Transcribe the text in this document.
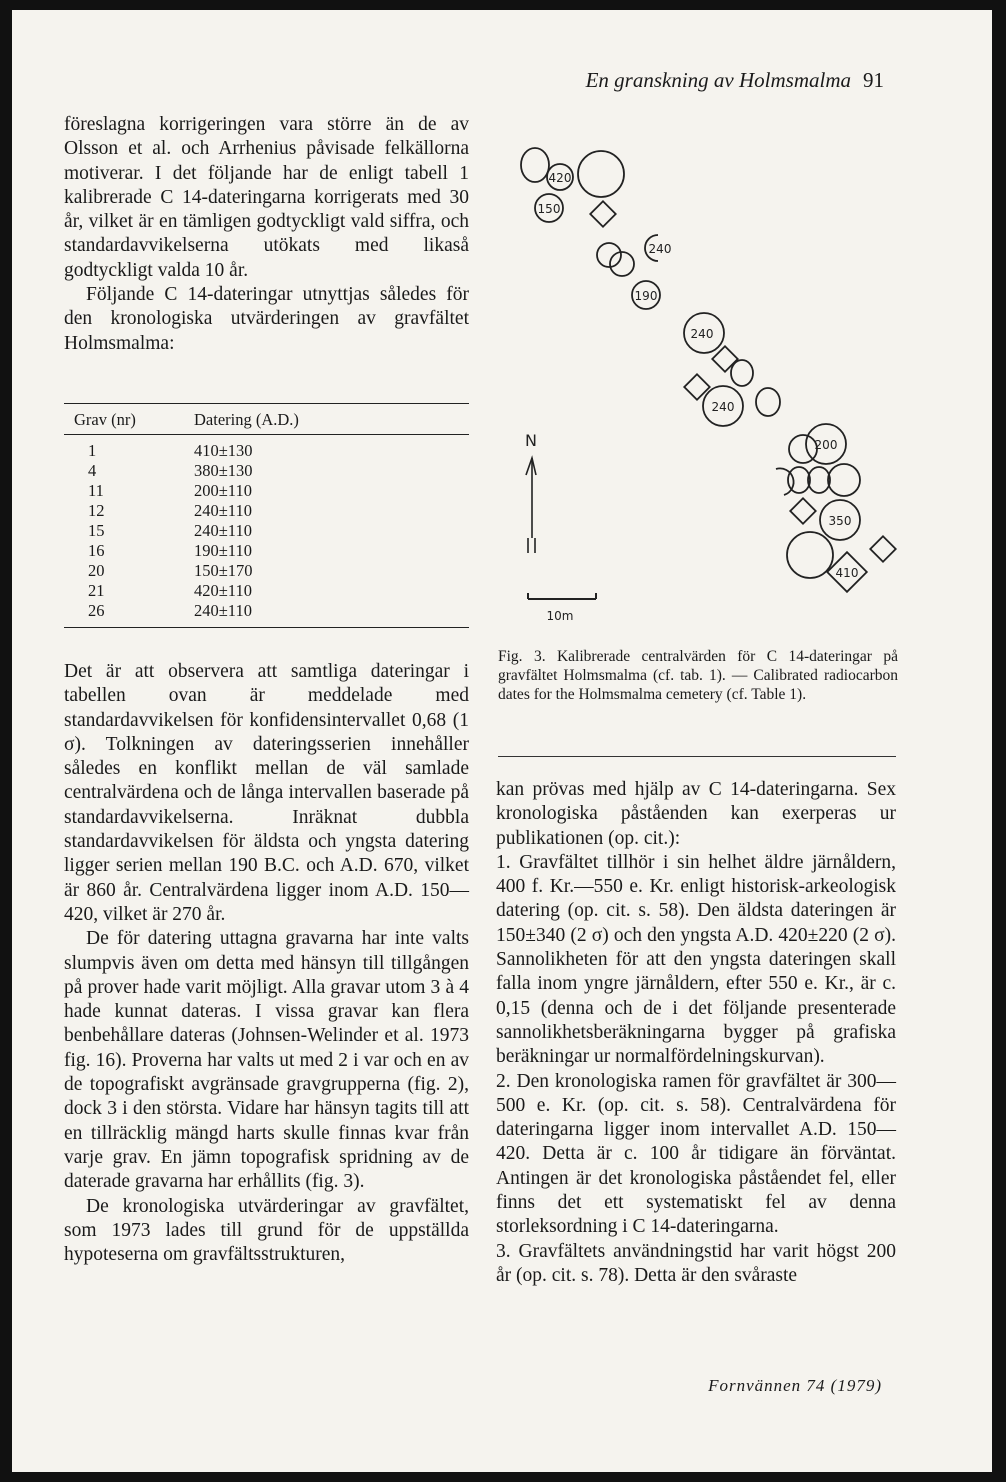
En granskning av Holmsmalma 91

föreslagna korrigeringen vara större än de av Olsson et al. och Arrhenius påvisade felkällorna motiverar. I det följande har de enligt tabell 1 kalibrerade C 14-dateringarna korrigerats med 30 år, vilket är en tämligen godtyckligt vald siffra, och standardavvikelserna utökats med likaså godtyckligt valda 10 år.

Följande C 14-dateringar utnyttjas således för den kronologiska utvärderingen av gravfältet Holmsmalma:

Grav (nr)	Datering (A.D.)
1	410±130
4	380±130
11	200±110
12	240±110
15	240±110
16	190±110
20	150±170
21	420±110
26	240±110

Det är att observera att samtliga dateringar i tabellen ovan är meddelade med standardavvikelsen för konfidensintervallet 0,68 (1 σ). Tolkningen av dateringsserien innehåller således en konflikt mellan de väl samlade centralvärdena och de långa intervallen baserade på standardavvikelserna. Inräknat dubbla standardavvikelsen för äldsta och yngsta datering ligger serien mellan 190 B.C. och A.D. 670, vilket är 860 år. Centralvärdena ligger inom A.D. 150—420, vilket är 270 år.

De för datering uttagna gravarna har inte valts slumpvis även om detta med hänsyn till tillgången på prover hade varit möjligt. Alla gravar utom 3 à 4 hade kunnat dateras. I vissa gravar kan flera benbehållare dateras (Johnsen-Welinder et al. 1973 fig. 16). Proverna har valts ut med 2 i var och en av de topografiskt avgränsade gravgrupperna (fig. 2), dock 3 i den största. Vidare har hänsyn tagits till att en tillräcklig mängd harts skulle finnas kvar från varje grav. En jämn topografisk spridning av de daterade gravarna har erhållits (fig. 3).

De kronologiska utvärderingar av gravfältet, som 1973 lades till grund för de uppställda hypoteserna om gravfältsstrukturen,

420
150
240
190
240
240
200
350
410
N
10m

Fig. 3. Kalibrerade centralvärden för C 14-dateringar på gravfältet Holmsmalma (cf. tab. 1). — Calibrated radiocarbon dates for the Holmsmalma cemetery (cf. Table 1).

kan prövas med hjälp av C 14-dateringarna. Sex kronologiska påståenden kan exerperas ur publikationen (op. cit.):

1. Gravfältet tillhör i sin helhet äldre järnåldern, 400 f. Kr.—550 e. Kr. enligt historisk-arkeologisk datering (op. cit. s. 58). Den äldsta dateringen är 150±340 (2 σ) och den yngsta A.D. 420±220 (2 σ). Sannolikheten för att den yngsta dateringen skall falla inom yngre järnåldern, efter 550 e. Kr., är c. 0,15 (denna och de i det följande presenterade sannolikhetsberäkningarna bygger på grafiska beräkningar ur normalfördelningskurvan).

2. Den kronologiska ramen för gravfältet är 300—500 e. Kr. (op. cit. s. 58). Centralvärdena för dateringarna ligger inom intervallet A.D. 150—420. Detta är c. 100 år tidigare än förväntat. Antingen är det kronologiska påståendet fel, eller finns det ett systematiskt fel av denna storleksordning i C 14-dateringarna.

3. Gravfältets användningstid har varit högst 200 år (op. cit. s. 78). Detta är den svåraste

Fornvännen 74 (1979)
